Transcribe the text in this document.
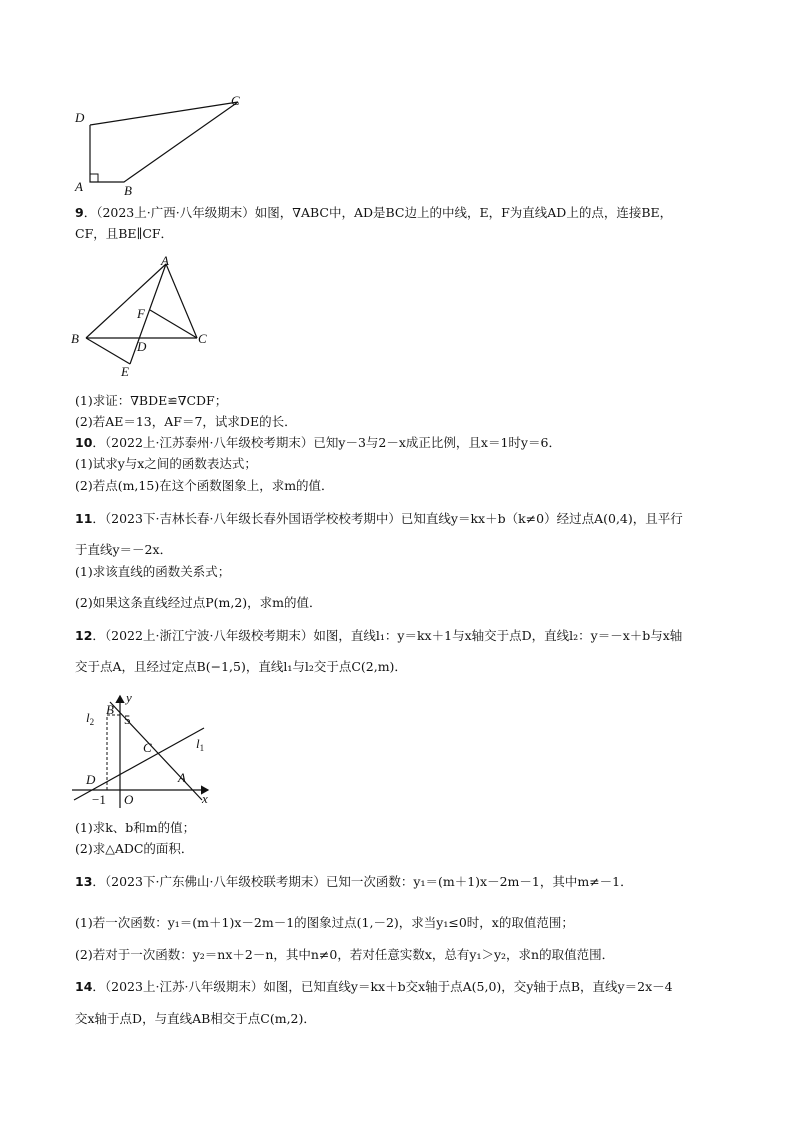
D
C
A	B
9．（2023上·广西·八年级期末）如图，∇ABC中，AD是BC边上的中线，E，F为直线AD上的点，连接BE，
CF，且BE∥CF．
A
B	C
D
E
F
(1)求证：∇BDE≌∇CDF；
(2)若AE＝13，AF＝7，试求DE的长．
10．（2022上·江苏泰州·八年级校考期末）已知y－3与2－x成正比例，且x＝1时y＝6．
(1)试求y与x之间的函数表达式；
(2)若点(m,15)在这个函数图象上，求m的值．
11．（2023下·吉林长春·八年级长春外国语学校校考期中）已知直线y＝kx＋b（k≠0）经过点A(0,4)，且平行
于直线y＝－2x．
(1)求该直线的函数关系式；
(2)如果这条直线经过点P(m,2)，求m的值．
12．（2022上·浙江宁波·八年级校考期末）如图，直线l₁：y＝kx＋1与x轴交于点D，直线l₂：y＝－x＋b与x轴
交于点A，且经过定点B(−1,5)，直线l₁与l₂交于点C(2,m)．
y
x
$l_2$
$l_1$
B
5
C
D	A
−1 O
(1)求k、b和m的值；
(2)求△ADC的面积．
13．（2023下·广东佛山·八年级校联考期末）已知一次函数：y₁＝(m＋1)x－2m－1，其中m≠－1．
(1)若一次函数：y₁＝(m＋1)x－2m－1的图象过点(1,－2)，求当y₁≤0时，x的取值范围；
(2)若对于一次函数：y₂＝nx＋2－n，其中n≠0，若对任意实数x，总有y₁＞y₂，求n的取值范围．
14．（2023上·江苏·八年级期末）如图，已知直线y＝kx＋b交x轴于点A(5,0)，交y轴于点B，直线y＝2x－4
交x轴于点D，与直线AB相交于点C(m,2)．
